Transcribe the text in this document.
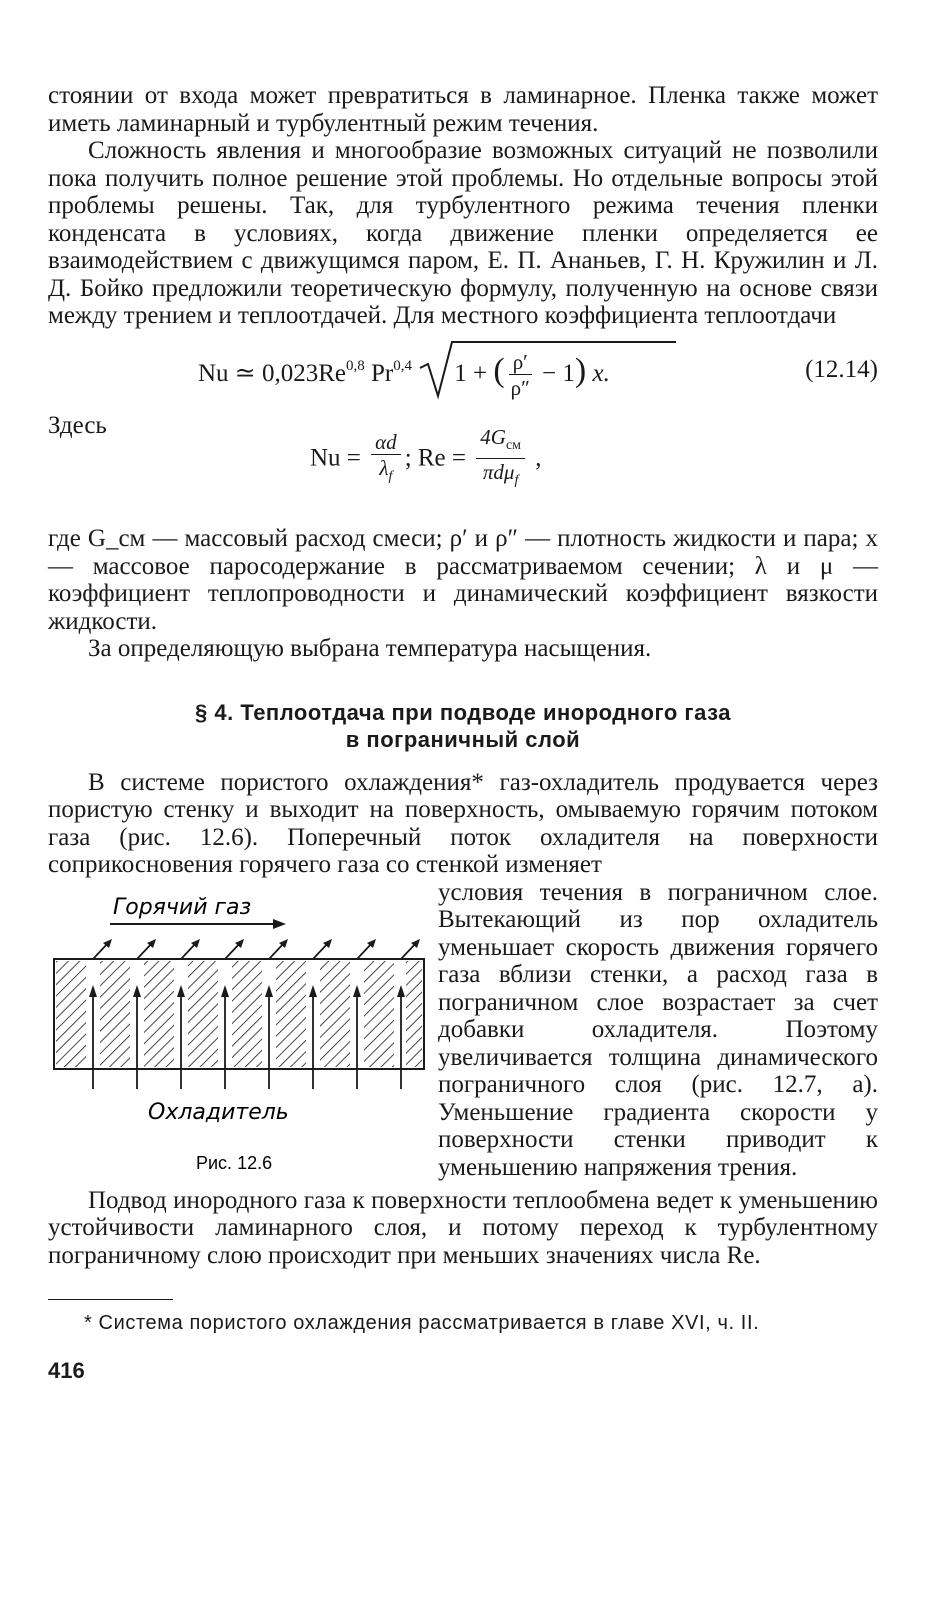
стоянии от входа может превратиться в ламинарное. Пленка также может иметь ламинарный и турбулентный режим течения.

Сложность явления и многообразие возможных ситуаций не позволили пока получить полное решение этой проблемы. Но отдельные вопросы этой проблемы решены. Так, для турбулентного режима течения пленки конденсата в условиях, когда движение пленки определяется ее взаимодействием с движущимся паром, Е. П. Ананьев, Г. Н. Кружилин и Л. Д. Бойко предложили теоретическую формулу, полученную на основе связи между трением и теплоотдачей. Для местного коэффициента теплоотдачи

Nu ≃ 0,023Re$^{0,8}$ Pr$^{0,4}$ 1 + ( $\frac{\rho'}{\rho''} - 1$) x.	(12.14)

Здесь

$Nu = \frac{\alpha d}{\lambda_f}$ ; $Re = \frac{4G_{см}}{\pi d\mu_f}$ ,

где G_см — массовый расход смеси; ρ′ и ρ″ — плотность жидкости и пара; x — массовое паросодержание в рассматриваемом сечении; λ и μ — коэффициент теплопроводности и динамический коэффициент вязкости жидкости.

За определяющую выбрана температура насыщения.

§ 4. Теплоотдача при подводе инородного газа
в пограничный слой

В системе пористого охлаждения* газ-охладитель продувается через пористую стенку и выходит на поверхность, омываемую горячим потоком газа (рис. 12.6). Поперечный поток охладителя на поверхности соприкосновения горячего газа со стенкой изменяет

Горячий газ
Охладитель
Рис. 12.6

условия течения в пограничном слое. Вытекающий из пор охладитель уменьшает скорость движения горячего газа вблизи стенки, а расход газа в пограничном слое возрастает за счет добавки охладителя. Поэтому увеличивается толщина динамического пограничного слоя (рис. 12.7, а). Уменьшение градиента скорости у поверхности стенки приводит к уменьшению напряжения трения.

Подвод инородного газа к поверхности теплообмена ведет к уменьшению устойчивости ламинарного слоя, и потому переход к турбулентному пограничному слою происходит при меньших значениях числа Re.

* Система пористого охлаждения рассматривается в главе XVI, ч. II.

416
